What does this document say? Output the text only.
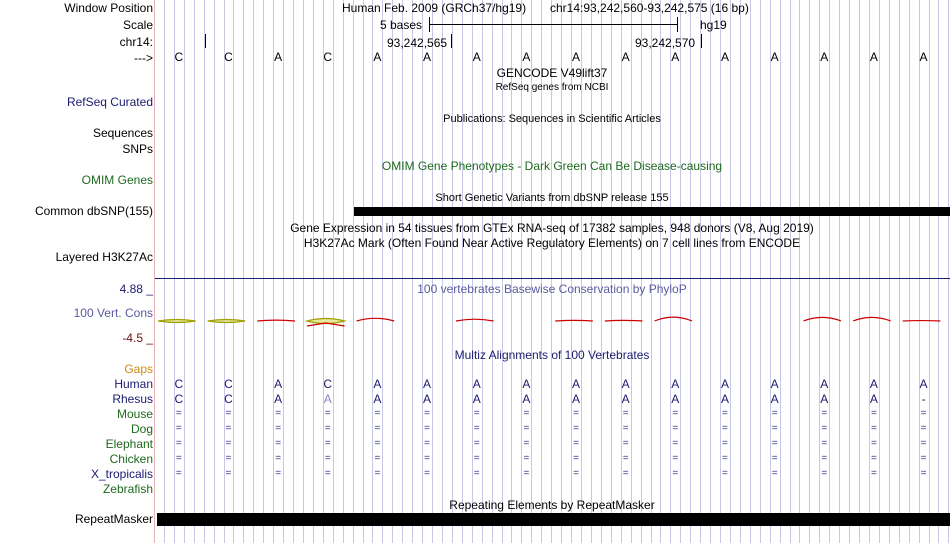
Window Position	Human Feb. 2009 (GRCh37/hg19) chr14:93,242,560-93,242,575 (16 bp)
Scale	5 bases	hg19
chr14:	93,242,565	93,242,570
---> C	C	A	C	A	A	A	A	A	A	A	A	A	A	A	A
GENCODE V49lift37
RefSeq genes from NCBI
RefSeq Curated
Publications: Sequences in Scientific Articles
Sequences
SNPs
OMIM Gene Phenotypes - Dark Green Can Be Disease-causing
OMIM Genes
Short Genetic Variants from dbSNP release 155
Common dbSNP(155)
Gene Expression in 54 tissues from GTEx RNA-seq of 17382 samples, 948 donors (V8, Aug 2019)
H3K27Ac Mark (Often Found Near Active Regulatory Elements) on 7 cell lines from ENCODE
Layered H3K27Ac
100 vertebrates Basewise Conservation by PhyloP
4.88 _
100 Vert. Cons
-4.5 _
Multiz Alignments of 100 Vertebrates
Gaps
Human C	C	A	C	A	A	A	A	A	A	A	A	A	A	A	A
Rhesus C	C	A	A	A	A	A	A	A	A	A	A	A	A	A	-
Mouse =	=	=	=	=	=	=	=	=	=	=	=	=	=	=	=
Dog =	=	=	=	=	=	=	=	=	=	=	=	=	=	=	=
Elephant =	=	=	=	=	=	=	=	=	=	=	=	=	=	=	=
Chicken =	=	=	=	=	=	=	=	=	=	=	=	=	=	=	=
X_tropicalis =	=	=	=	=	=	=	=	=	=	=	=	=	=	=	=
Zebrafish
Repeating Elements by RepeatMasker
RepeatMasker
